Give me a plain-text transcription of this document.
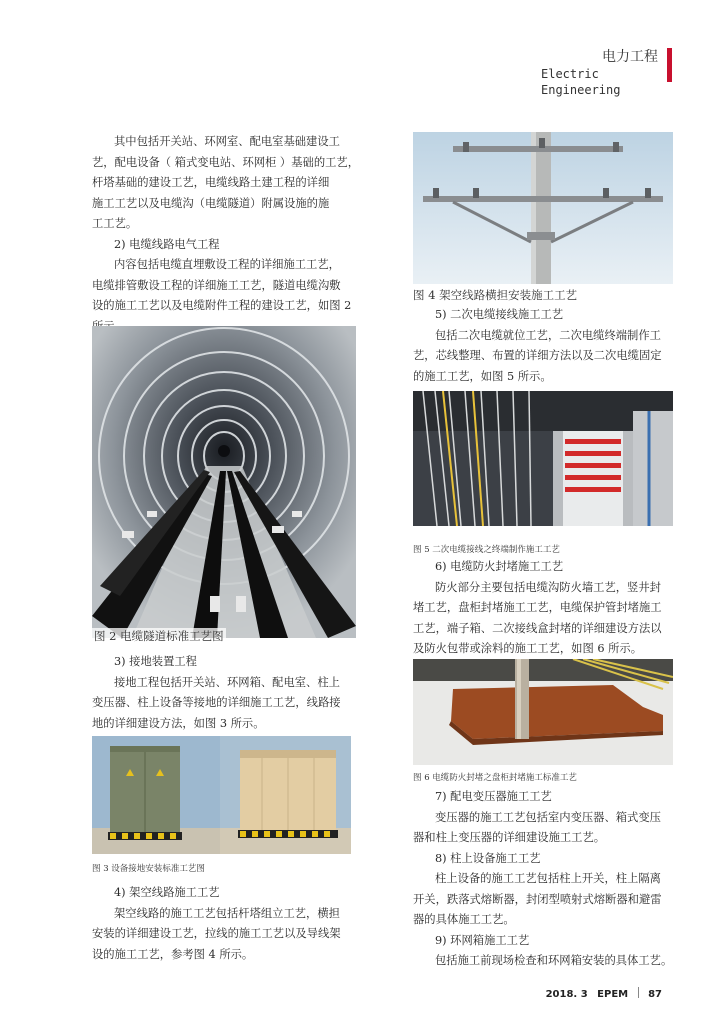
电力工程
Electric
Engineering

其中包括开关站、环网室、配电室基础建设工

艺，配电设备（ 箱式变电站、环网柜 ）基础的工艺，

杆塔基础的建设工艺，电缆线路土建工程的详细

施工工艺以及电缆沟（电缆隧道）附属设施的施

工工艺。

2) 电缆线路电气工程

内容包括电缆直埋敷设工程的详细施工工艺，

电缆排管敷设工程的详细施工工艺，隧道电缆沟敷

设的施工工艺以及电缆附件工程的建设工艺，如图 2

图 2 电缆隧道标准工艺图

3) 接地装置工程

接地工程包括开关站、环网箱、配电室、柱上

变压器、柱上设备等接地的详细施工工艺，线路接

地的详细建设方法，如图 3 所示。

图 3 设备接地安装标准工艺图

4) 架空线路施工工艺

架空线路的施工工艺包括杆塔组立工艺，横担

安装的详细建设工艺，拉线的施工工艺以及导线架

设的施工工艺，参考图 4 所示。

图 4 架空线路横担安装施工工艺

5) 二次电缆接线施工工艺

包括二次电缆就位工艺，二次电缆终端制作工

艺，芯线整理、布置的详细方法以及二次电缆固定

的施工工艺，如图 5 所示。

图 5 二次电缆接线之终端制作施工工艺

6) 电缆防火封堵施工工艺

防火部分主要包括电缆沟防火墙工艺，竖井封

堵工艺，盘柜封堵施工工艺，电缆保护管封堵施工

工艺，端子箱、二次接线盒封堵的详细建设方法以

及防火包带或涂料的施工工艺，如图 6 所示。

图 6 电缆防火封堵之盘柜封堵施工标准工艺

7) 配电变压器施工工艺

变压器的施工工艺包括室内变压器、箱式变压

器和柱上变压器的详细建设施工工艺。

8) 柱上设备施工工艺

柱上设备的施工工艺包括柱上开关，柱上隔离

开关，跌落式熔断器，封闭型喷射式熔断器和避雷

器的具体施工工艺。

9) 环网箱施工工艺

包括施工前现场检查和环网箱安装的具体工艺。

2018. 3 EPEM 87
